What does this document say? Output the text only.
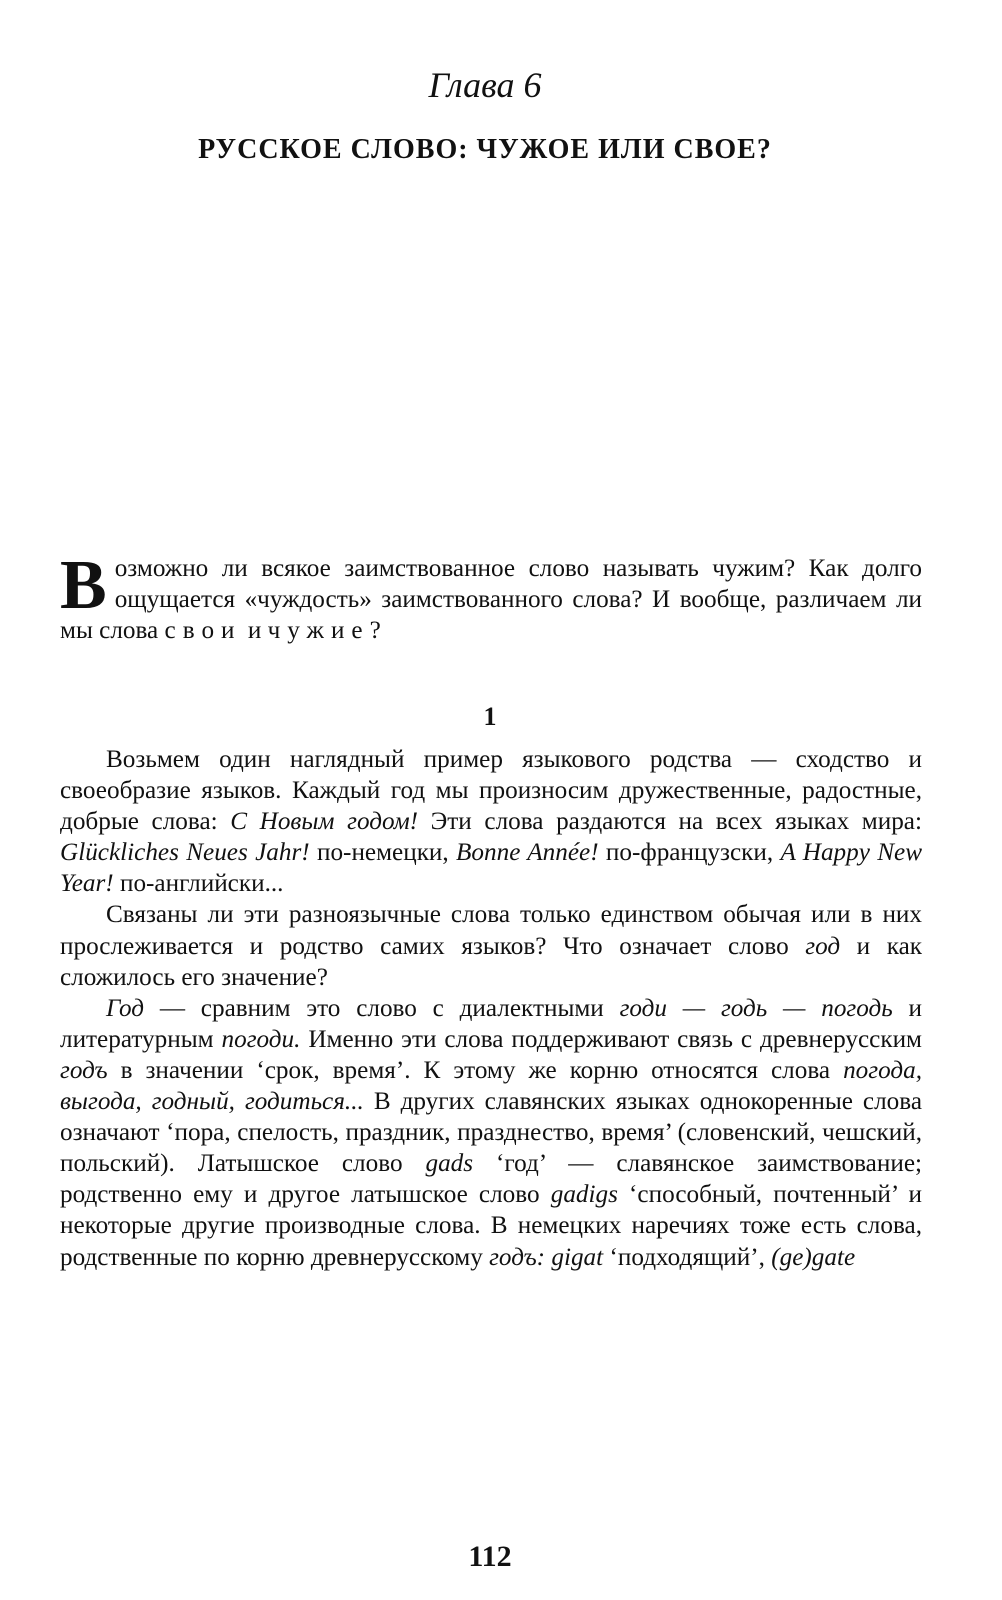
Глава 6
РУССКОЕ СЛОВО: ЧУЖОЕ ИЛИ СВОЕ?
В озможно ли всякое заимствованное слово называть чужим? Как долго ощущается «чуждость» заимствованного слова? И вообще, различаем ли мы слова свои и чужие?

1

Возьмем один наглядный пример языкового родства — сходство и своеобразие языков. Каждый год мы произносим дружественные, радостные, добрые слова: С Новым годом! Эти слова раздаются на всех языках мира: Glückliches Neues Jahr! по-немецки, Bonne Année! по-французски, A Happy New Year! по-английски...

Связаны ли эти разноязычные слова только единством обычая или в них прослеживается и родство самих языков? Что означает слово год и как сложилось его значение?

Год — сравним это слово с диалектными годи — годь — погодь и литературным погоди. Именно эти слова поддерживают связь с древнерусским годъ в значении ‘срок, время’. К этому же корню относятся слова погода, выгода, годный, годиться... В других славянских языках однокоренные слова означают ‘пора, спелость, праздник, празднество, время’ (словенский, чешский, польский). Латышское слово gads ‘год’ — славянское заимствование; родственно ему и другое латышское слово gadigs ‘способный, почтенный’ и некоторые другие производные слова. В немецких наречиях тоже есть слова, родственные по корню древнерусскому годъ: gigat ‘подходящий’, (ge)gate

112
